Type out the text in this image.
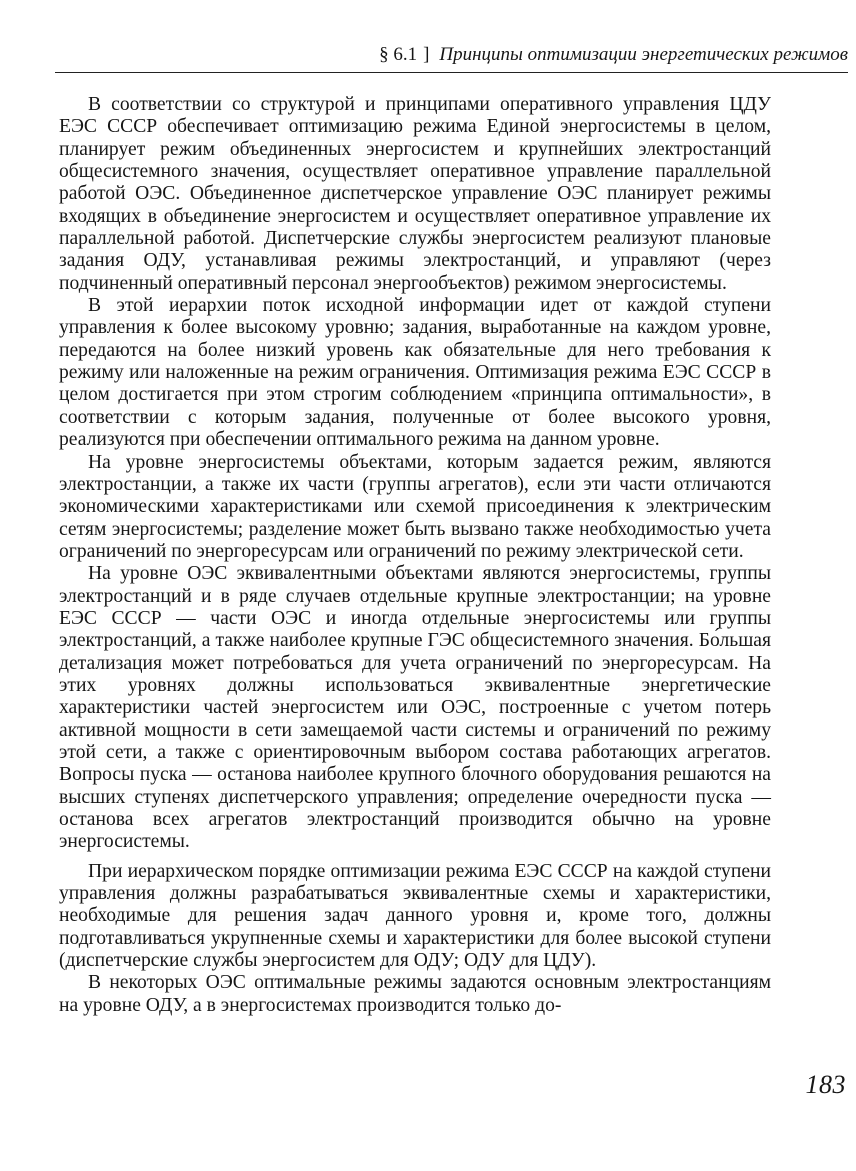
§ 6.1 ] Принципы оптимизации энергетических режимов

В соответствии со структурой и принципами оперативного управления ЦДУ ЕЭС СССР обеспечивает оптимизацию режима Единой энергосистемы в целом, планирует режим объединенных энергосистем и крупнейших электростанций общесистемного значения, осуществляет оперативное управление параллельной работой ОЭС. Объединенное диспетчерское управление ОЭС планирует режимы входящих в объединение энергосистем и осуществляет оперативное управление их параллельной работой. Диспетчерские службы энергосистем реализуют плановые задания ОДУ, устанавливая режимы электростанций, и управляют (через подчиненный оперативный персонал энергообъектов) режимом энергосистемы.

В этой иерархии поток исходной информации идет от каждой ступени управления к более высокому уровню; задания, выработанные на каждом уровне, передаются на более низкий уровень как обязательные для него требования к режиму или наложенные на режим ограничения. Оптимизация режима ЕЭС СССР в целом достигается при этом строгим соблюдением «принципа оптимальности», в соответствии с которым задания, полученные от более высокого уровня, реализуются при обеспечении оптимального режима на данном уровне.

На уровне энергосистемы объектами, которым задается режим, являются электростанции, а также их части (группы агрегатов), если эти части отличаются экономическими характеристиками или схемой присоединения к электрическим сетям энергосистемы; разделение может быть вызвано также необходимостью учета ограничений по энергоресурсам или ограничений по режиму электрической сети.

На уровне ОЭС эквивалентными объектами являются энергосистемы, группы электростанций и в ряде случаев отдельные крупные электростанции; на уровне ЕЭС СССР — части ОЭС и иногда отдельные энергосистемы или группы электростанций, а также наиболее крупные ГЭС общесистемного значения. Бо́льшая детализация может потребоваться для учета ограничений по энергоресурсам. На этих уровнях должны использоваться эквивалентные энергетические характеристики частей энергосистем или ОЭС, построенные с учетом потерь активной мощности в сети замещаемой части системы и ограничений по режиму этой сети, а также с ориентировочным выбором состава работающих агрегатов. Вопросы пуска — останова наиболее крупного блочного оборудования решаются на высших ступенях диспетчерского управления; определение очередности пуска — останова всех агрегатов электростанций производится обычно на уровне энергосистемы.

При иерархическом порядке оптимизации режима ЕЭС СССР на каждой ступени управления должны разрабатываться эквивалентные схемы и характеристики, необходимые для решения задач данного уровня и, кроме того, должны подготавливаться укрупненные схемы и характеристики для более высокой ступени (диспетчерские службы энергосистем для ОДУ; ОДУ для ЦДУ).

В некоторых ОЭС оптимальные режимы задаются основным электростанциям на уровне ОДУ, а в энергосистемах производится только до-

183
